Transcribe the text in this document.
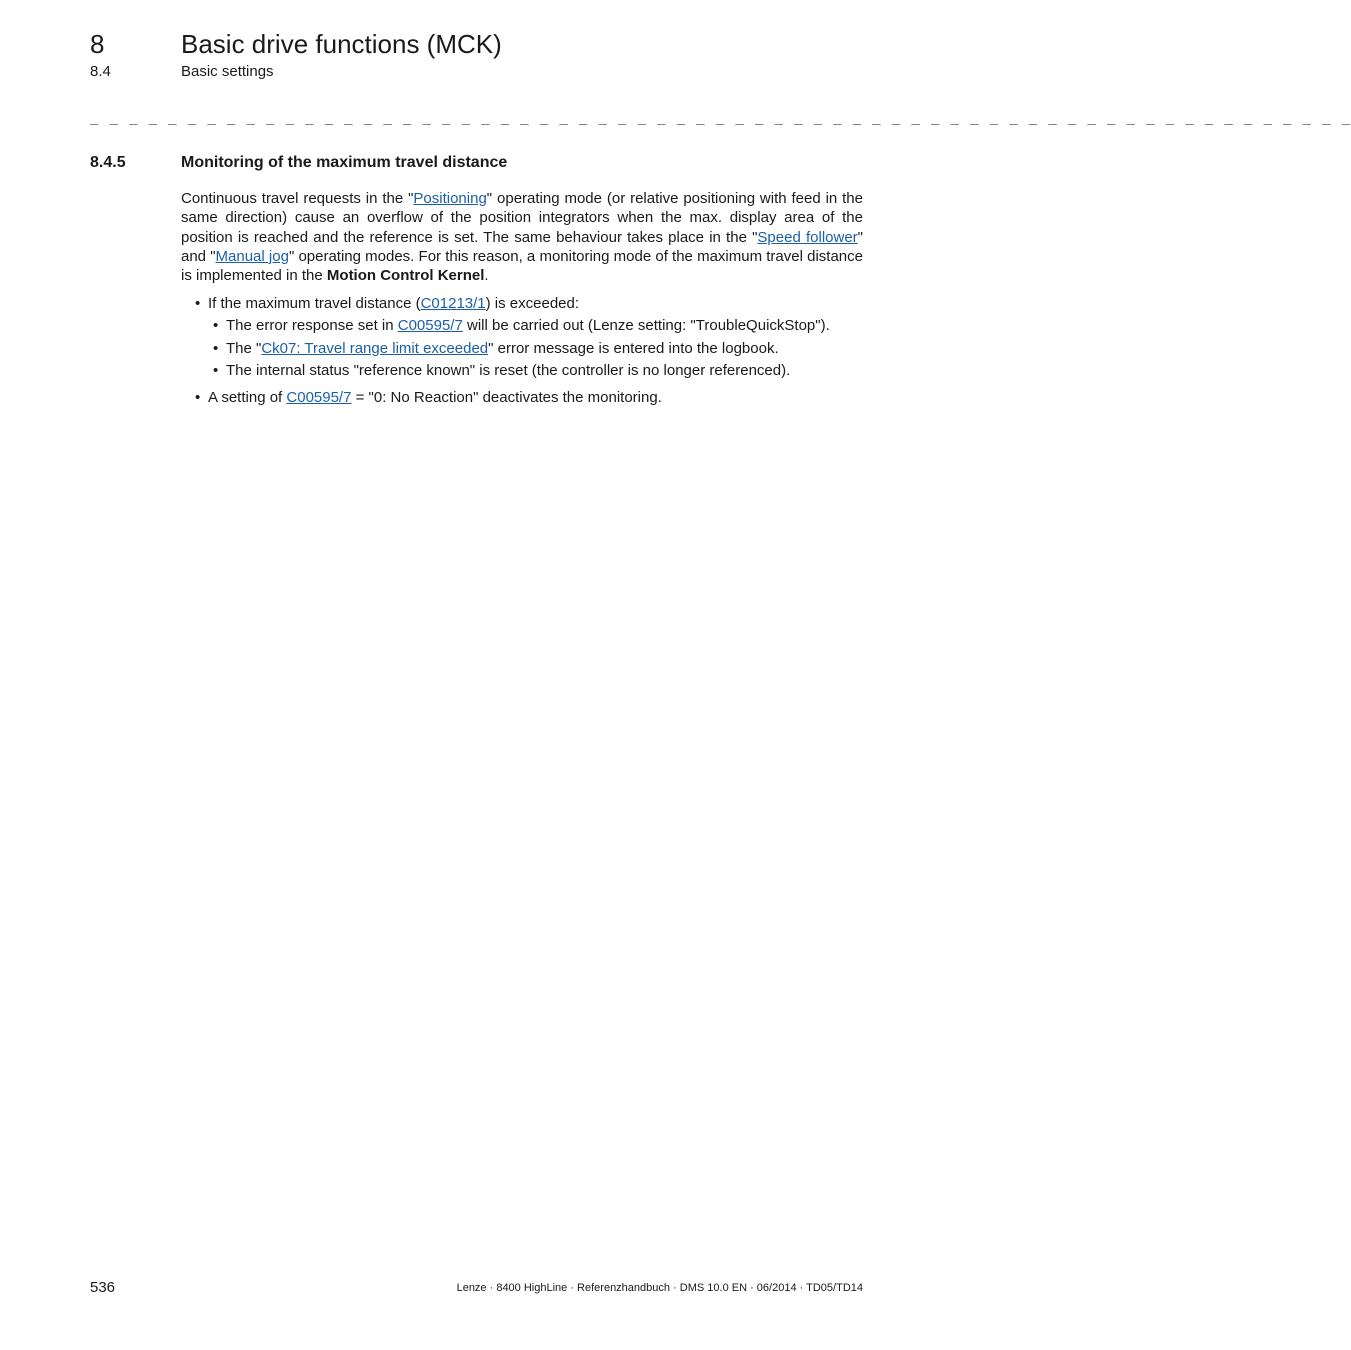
8	Basic drive functions (MCK)
8.4	Basic settings
_ _ _ _ _ _ _ _ _ _ _ _ _ _ _ _ _ _ _ _ _ _ _ _ _ _ _ _ _ _ _ _ _ _ _ _ _ _ _ _ _ _ _ _ _ _ _ _ _ _ _ _ _ _ _ _ _ _ _ _ _ _ _ _ _
8.4.5	Monitoring of the maximum travel distance
Continuous travel requests in the "Positioning" operating mode (or relative positioning with feed in the same direction) cause an overflow of the position integrators when the max. display area of the position is reached and the reference is set. The same behaviour takes place in the "Speed follower" and "Manual jog" operating modes. For this reason, a monitoring mode of the maximum travel distance is implemented in the Motion Control Kernel.
• If the maximum travel distance (C01213/1) is exceeded:
• The error response set in C00595/7 will be carried out (Lenze setting: "TroubleQuickStop").
• The "Ck07: Travel range limit exceeded" error message is entered into the logbook.
• The internal status "reference known" is reset (the controller is no longer referenced).
• A setting of C00595/7 = "0: No Reaction" deactivates the monitoring.
536	Lenze · 8400 HighLine · Referenzhandbuch · DMS 10.0 EN · 06/2014 · TD05/TD14
